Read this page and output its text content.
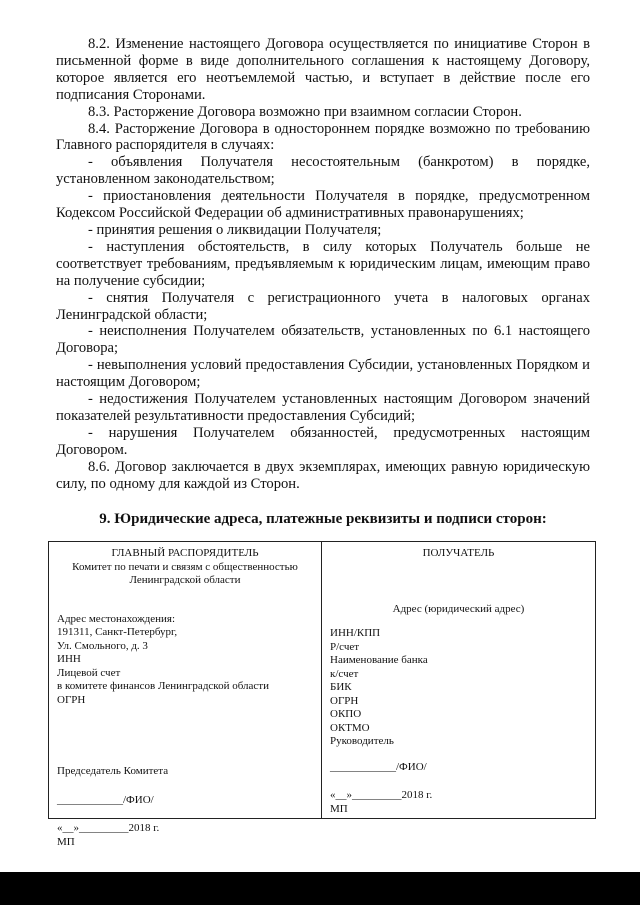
8.2. Изменение настоящего Договора осуществляется по инициативе Сторон в письменной форме в виде дополнительного соглашения к настоящему Договору, которое является его неотъемлемой частью, и вступает в действие после его подписания Сторонами.

8.3. Расторжение Договора возможно при взаимном согласии Сторон.

8.4. Расторжение Договора в одностороннем порядке возможно по требованию Главного распорядителя в случаях:

- объявления Получателя несостоятельным (банкротом) в порядке, установленном законодательством;

- приостановления деятельности Получателя в порядке, предусмотренном Кодексом Российской Федерации об административных правонарушениях;

- принятия решения о ликвидации Получателя;

- наступления обстоятельств, в силу которых Получатель больше не соответствует требованиям, предъявляемым к юридическим лицам, имеющим право на получение субсидии;

- снятия Получателя с регистрационного учета в налоговых органах Ленинградской области;

- неисполнения Получателем обязательств, установленных по 6.1 настоящего Договора;

- невыполнения условий предоставления Субсидии, установленных Порядком и настоящим Договором;

- недостижения Получателем установленных настоящим Договором значений показателей результативности предоставления Субсидий;

- нарушения Получателем обязанностей, предусмотренных настоящим Договором.

8.6. Договор заключается в двух экземплярах, имеющих равную юридическую силу, по одному для каждой из Сторон.

9. Юридические адреса, платежные реквизиты и подписи сторон:
ГЛАВНЫЙ РАСПОРЯДИТЕЛЬ
Комитет по печати и связям с общественностью
Ленинградской области
Адрес местонахождения:
191311, Санкт-Петербург,
Ул. Смольного, д. 3
ИНН
Лицевой счет
в комитете финансов Ленинградской области
ОГРН
Председатель Комитета
____________/ФИО/
«__»_________2018 г.
МП
ПОЛУЧАТЕЛЬ
Адрес (юридический адрес)
ИНН/КПП
Р/счет
Наименование банка
к/счет
БИК
ОГРН
ОКПО
ОКТМО
Руководитель
____________/ФИО/
«__»_________2018 г.
МП
